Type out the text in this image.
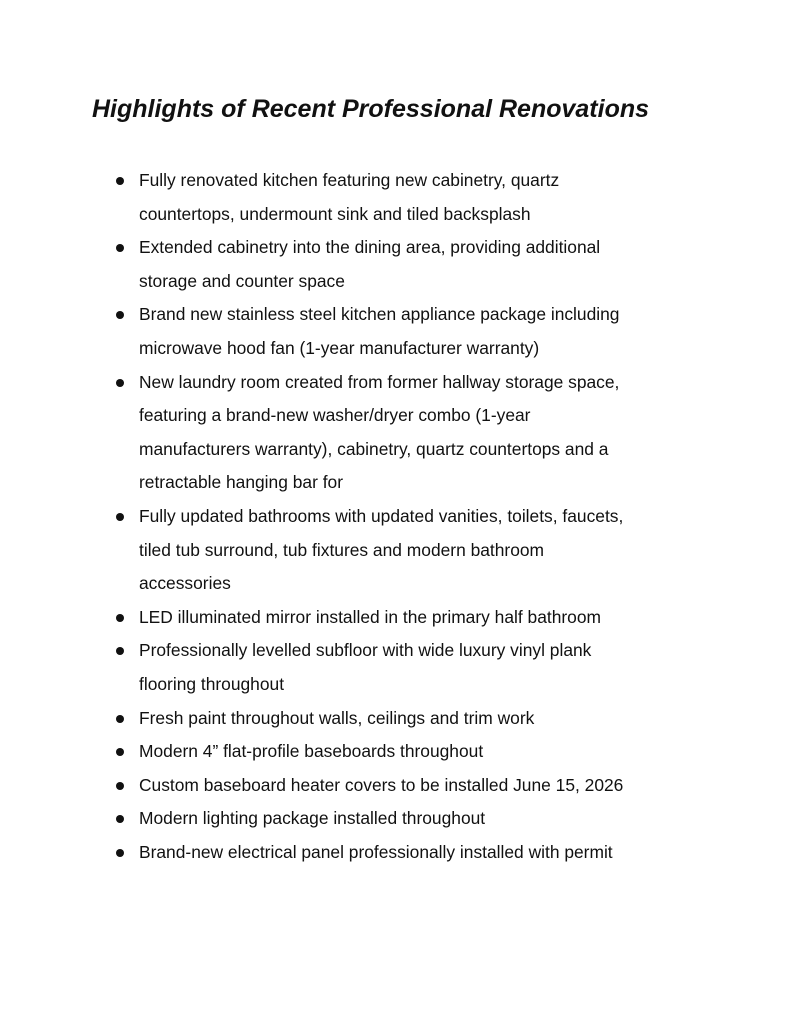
Highlights of Recent Professional Renovations
Fully renovated kitchen featuring new cabinetry, quartz
countertops, undermount sink and tiled backsplash
Extended cabinetry into the dining area, providing additional
storage and counter space
Brand new stainless steel kitchen appliance package including
microwave hood fan (1-year manufacturer warranty)
New laundry room created from former hallway storage space,
featuring a brand-new washer/dryer combo (1-year
manufacturers warranty), cabinetry, quartz countertops and a
retractable hanging bar for
Fully updated bathrooms with updated vanities, toilets, faucets,
tiled tub surround, tub fixtures and modern bathroom
accessories
LED illuminated mirror installed in the primary half bathroom
Professionally levelled subfloor with wide luxury vinyl plank
flooring throughout
Fresh paint throughout walls, ceilings and trim work
Modern 4” flat-profile baseboards throughout
Custom baseboard heater covers to be installed June 15, 2026
Modern lighting package installed throughout
Brand-new electrical panel professionally installed with permit
